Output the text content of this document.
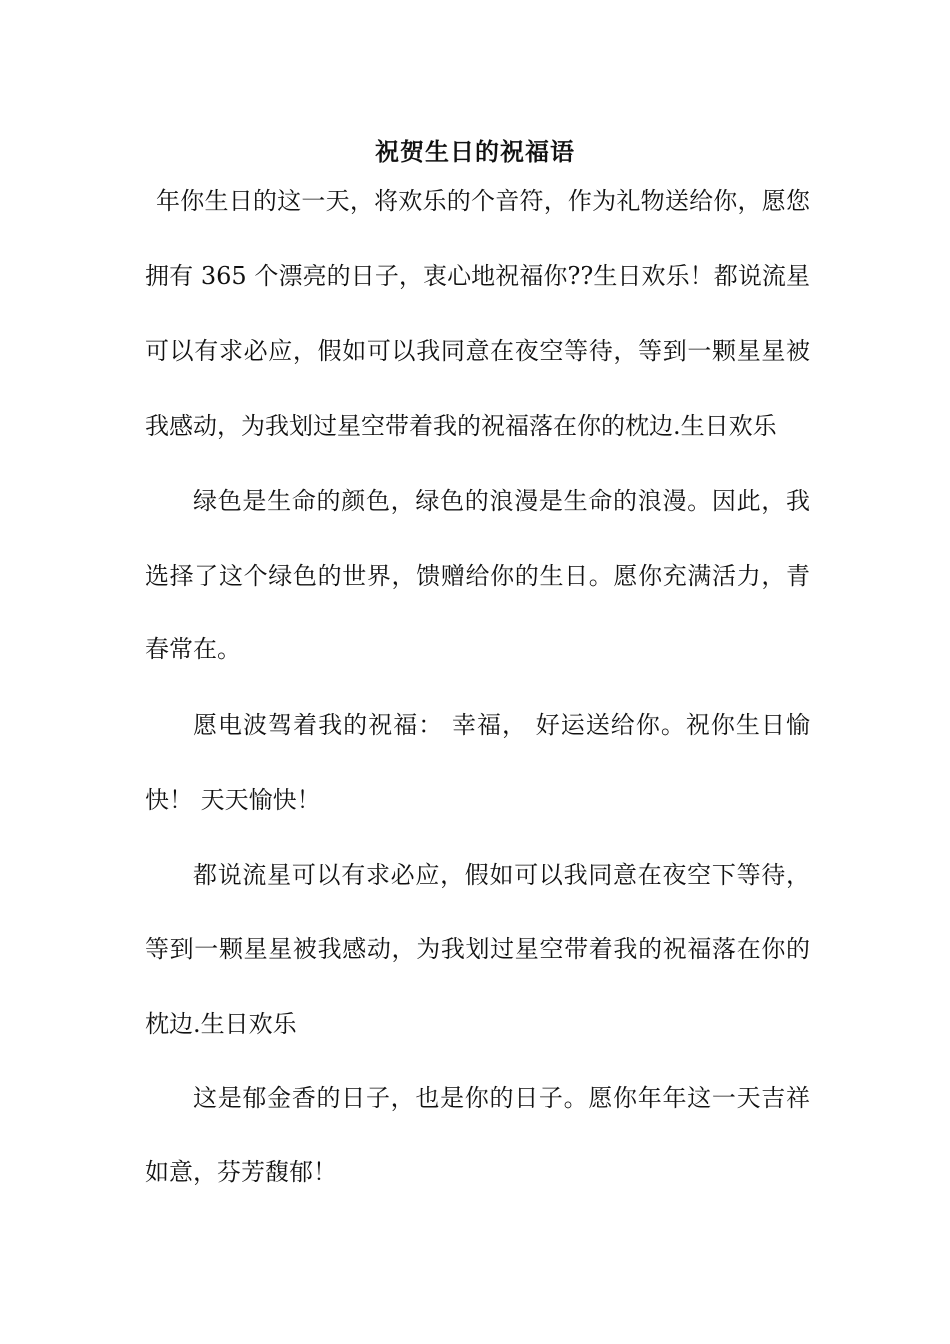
祝贺生日的祝福语
年你生日的这一天，将欢乐的个音符，作为礼物送给你，愿您
拥有 365 个漂亮的日子，衷心地祝福你??生日欢乐！都说流星
可以有求必应，假如可以我同意在夜空等待，等到一颗星星被
我感动，为我划过星空带着我的祝福落在你的枕边.生日欢乐
绿色是生命的颜色，绿色的浪漫是生命的浪漫。因此，我
选择了这个绿色的世界，馈赠给你的生日。愿你充满活力，青
春常在。
愿电波驾着我的祝福： 幸福， 好运送给你。祝你生日愉
快！ 天天愉快！
都说流星可以有求必应，假如可以我同意在夜空下等待，
等到一颗星星被我感动，为我划过星空带着我的祝福落在你的
枕边.生日欢乐
这是郁金香的日子，也是你的日子。愿你年年这一天吉祥
如意，芬芳馥郁！
